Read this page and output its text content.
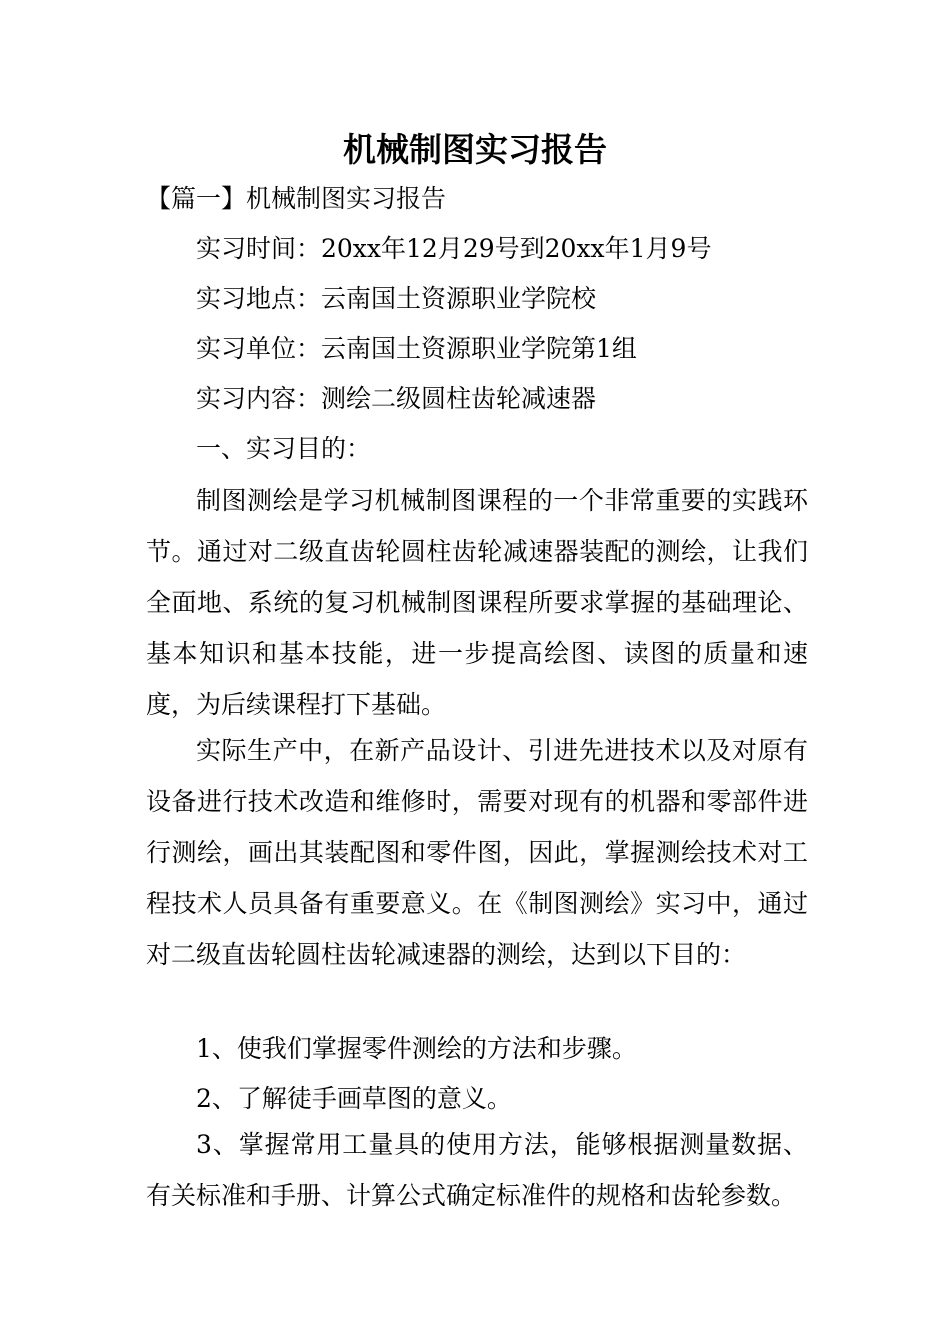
机械制图实习报告

【篇一】机械制图实习报告

实习时间：20xx年12月29号到20xx年1月9号

实习地点：云南国土资源职业学院校

实习单位：云南国土资源职业学院第1组

实习内容：测绘二级圆柱齿轮减速器

一、实习目的：

制图测绘是学习机械制图课程的一个非常重要的实践环节。通过对二级直齿轮圆柱齿轮减速器装配的测绘，让我们全面地、系统的复习机械制图课程所要求掌握的基础理论、基本知识和基本技能，进一步提高绘图、读图的质量和速度，为后续课程打下基础。

实际生产中，在新产品设计、引进先进技术以及对原有设备进行技术改造和维修时，需要对现有的机器和零部件进行测绘，画出其装配图和零件图，因此，掌握测绘技术对工程技术人员具备有重要意义。在《制图测绘》实习中，通过对二级直齿轮圆柱齿轮减速器的测绘，达到以下目的：

1、使我们掌握零件测绘的方法和步骤。

2、了解徒手画草图的意义。

3、掌握常用工量具的使用方法，能够根据测量数据、有关标准和手册、计算公式确定标准件的规格和齿轮参数。
